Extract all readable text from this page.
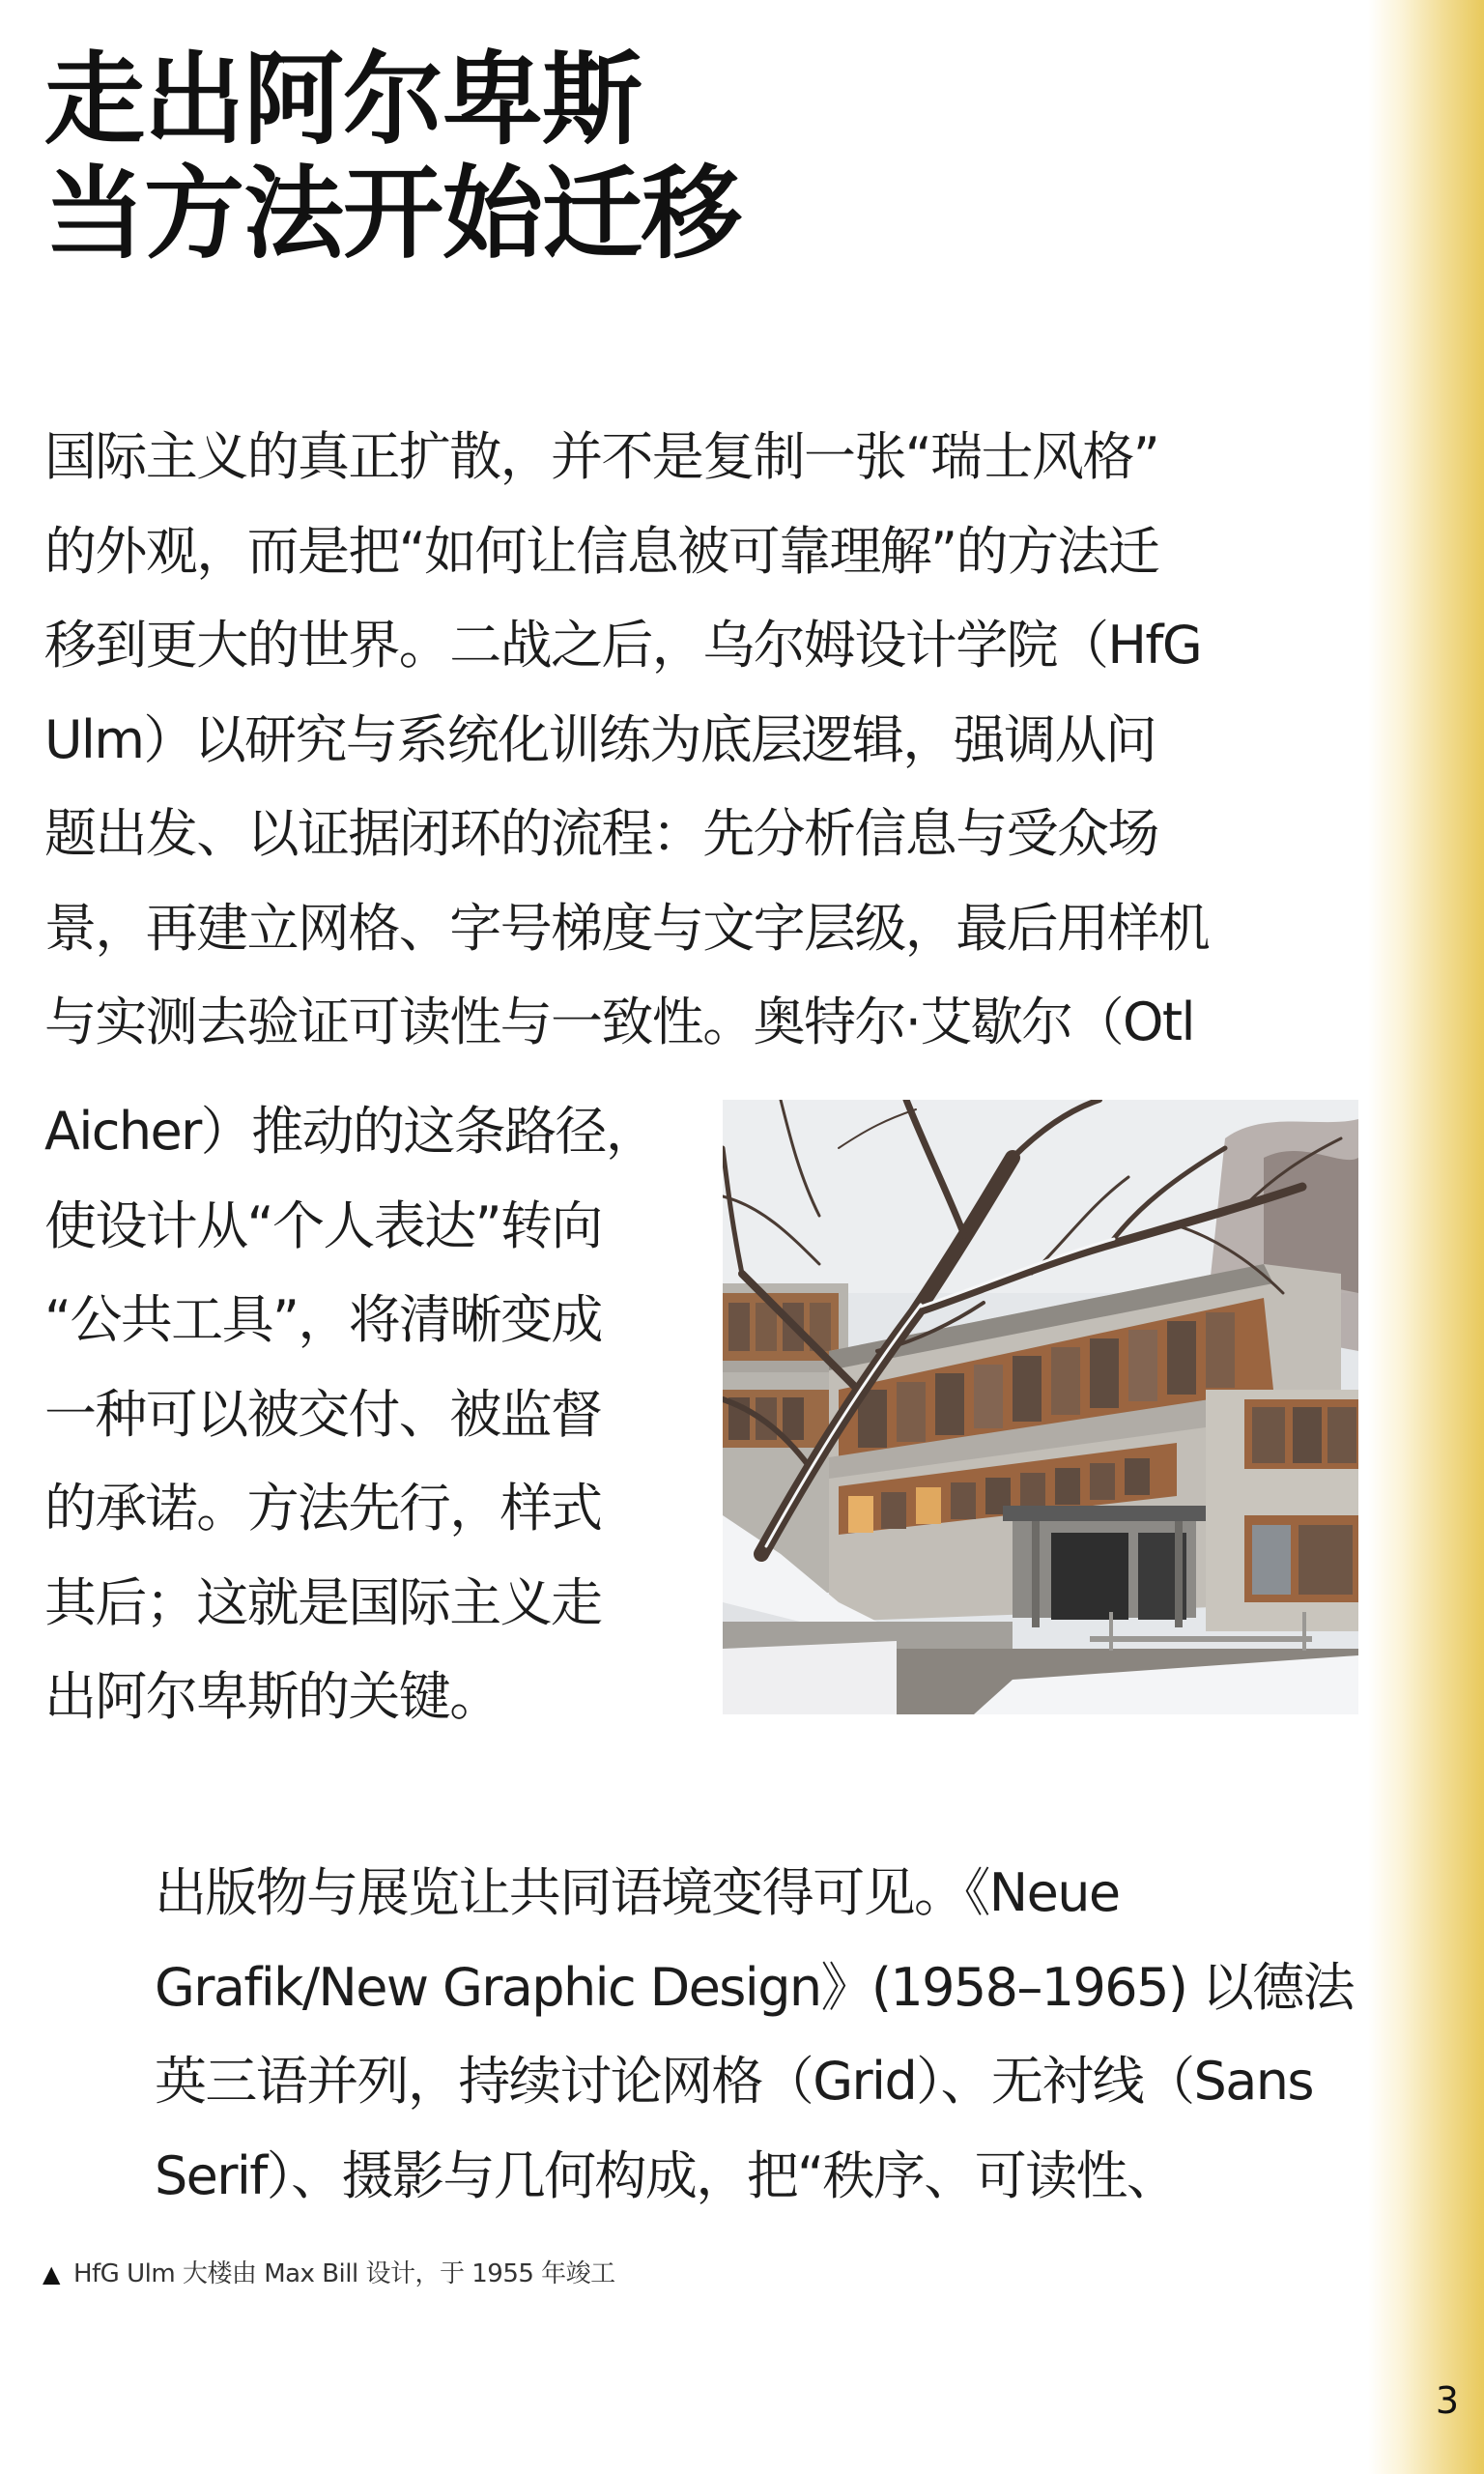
走出阿尔卑斯
当方法开始迁移
国际主义的真正扩散，并不是复制一张“瑞士风格”
的外观，而是把“如何让信息被可靠理解”的方法迁
移到更大的世界。二战之后，乌尔姆设计学院（HfG
Ulm）以研究与系统化训练为底层逻辑，强调从问
题出发、以证据闭环的流程：先分析信息与受众场
景，再建立网格、字号梯度与文字层级，最后用样机
与实测去验证可读性与一致性。奥特尔·艾歇尔（Otl
Aicher）推动的这条路径，
使设计从“个人表达”转向
“公共工具”，将清晰变成
一种可以被交付、被监督
的承诺。方法先行，样式
其后；这就是国际主义走
出阿尔卑斯的关键。
出版物与展览让共同语境变得可见。《Neue
Grafik/New Graphic Design》(1958–1965) 以德法
英三语并列，持续讨论网格（Grid）、无衬线（Sans
Serif）、摄影与几何构成，把“秩序、可读性、
▲ HfG Ulm 大楼由 Max Bill 设计，于 1955 年竣工
3
